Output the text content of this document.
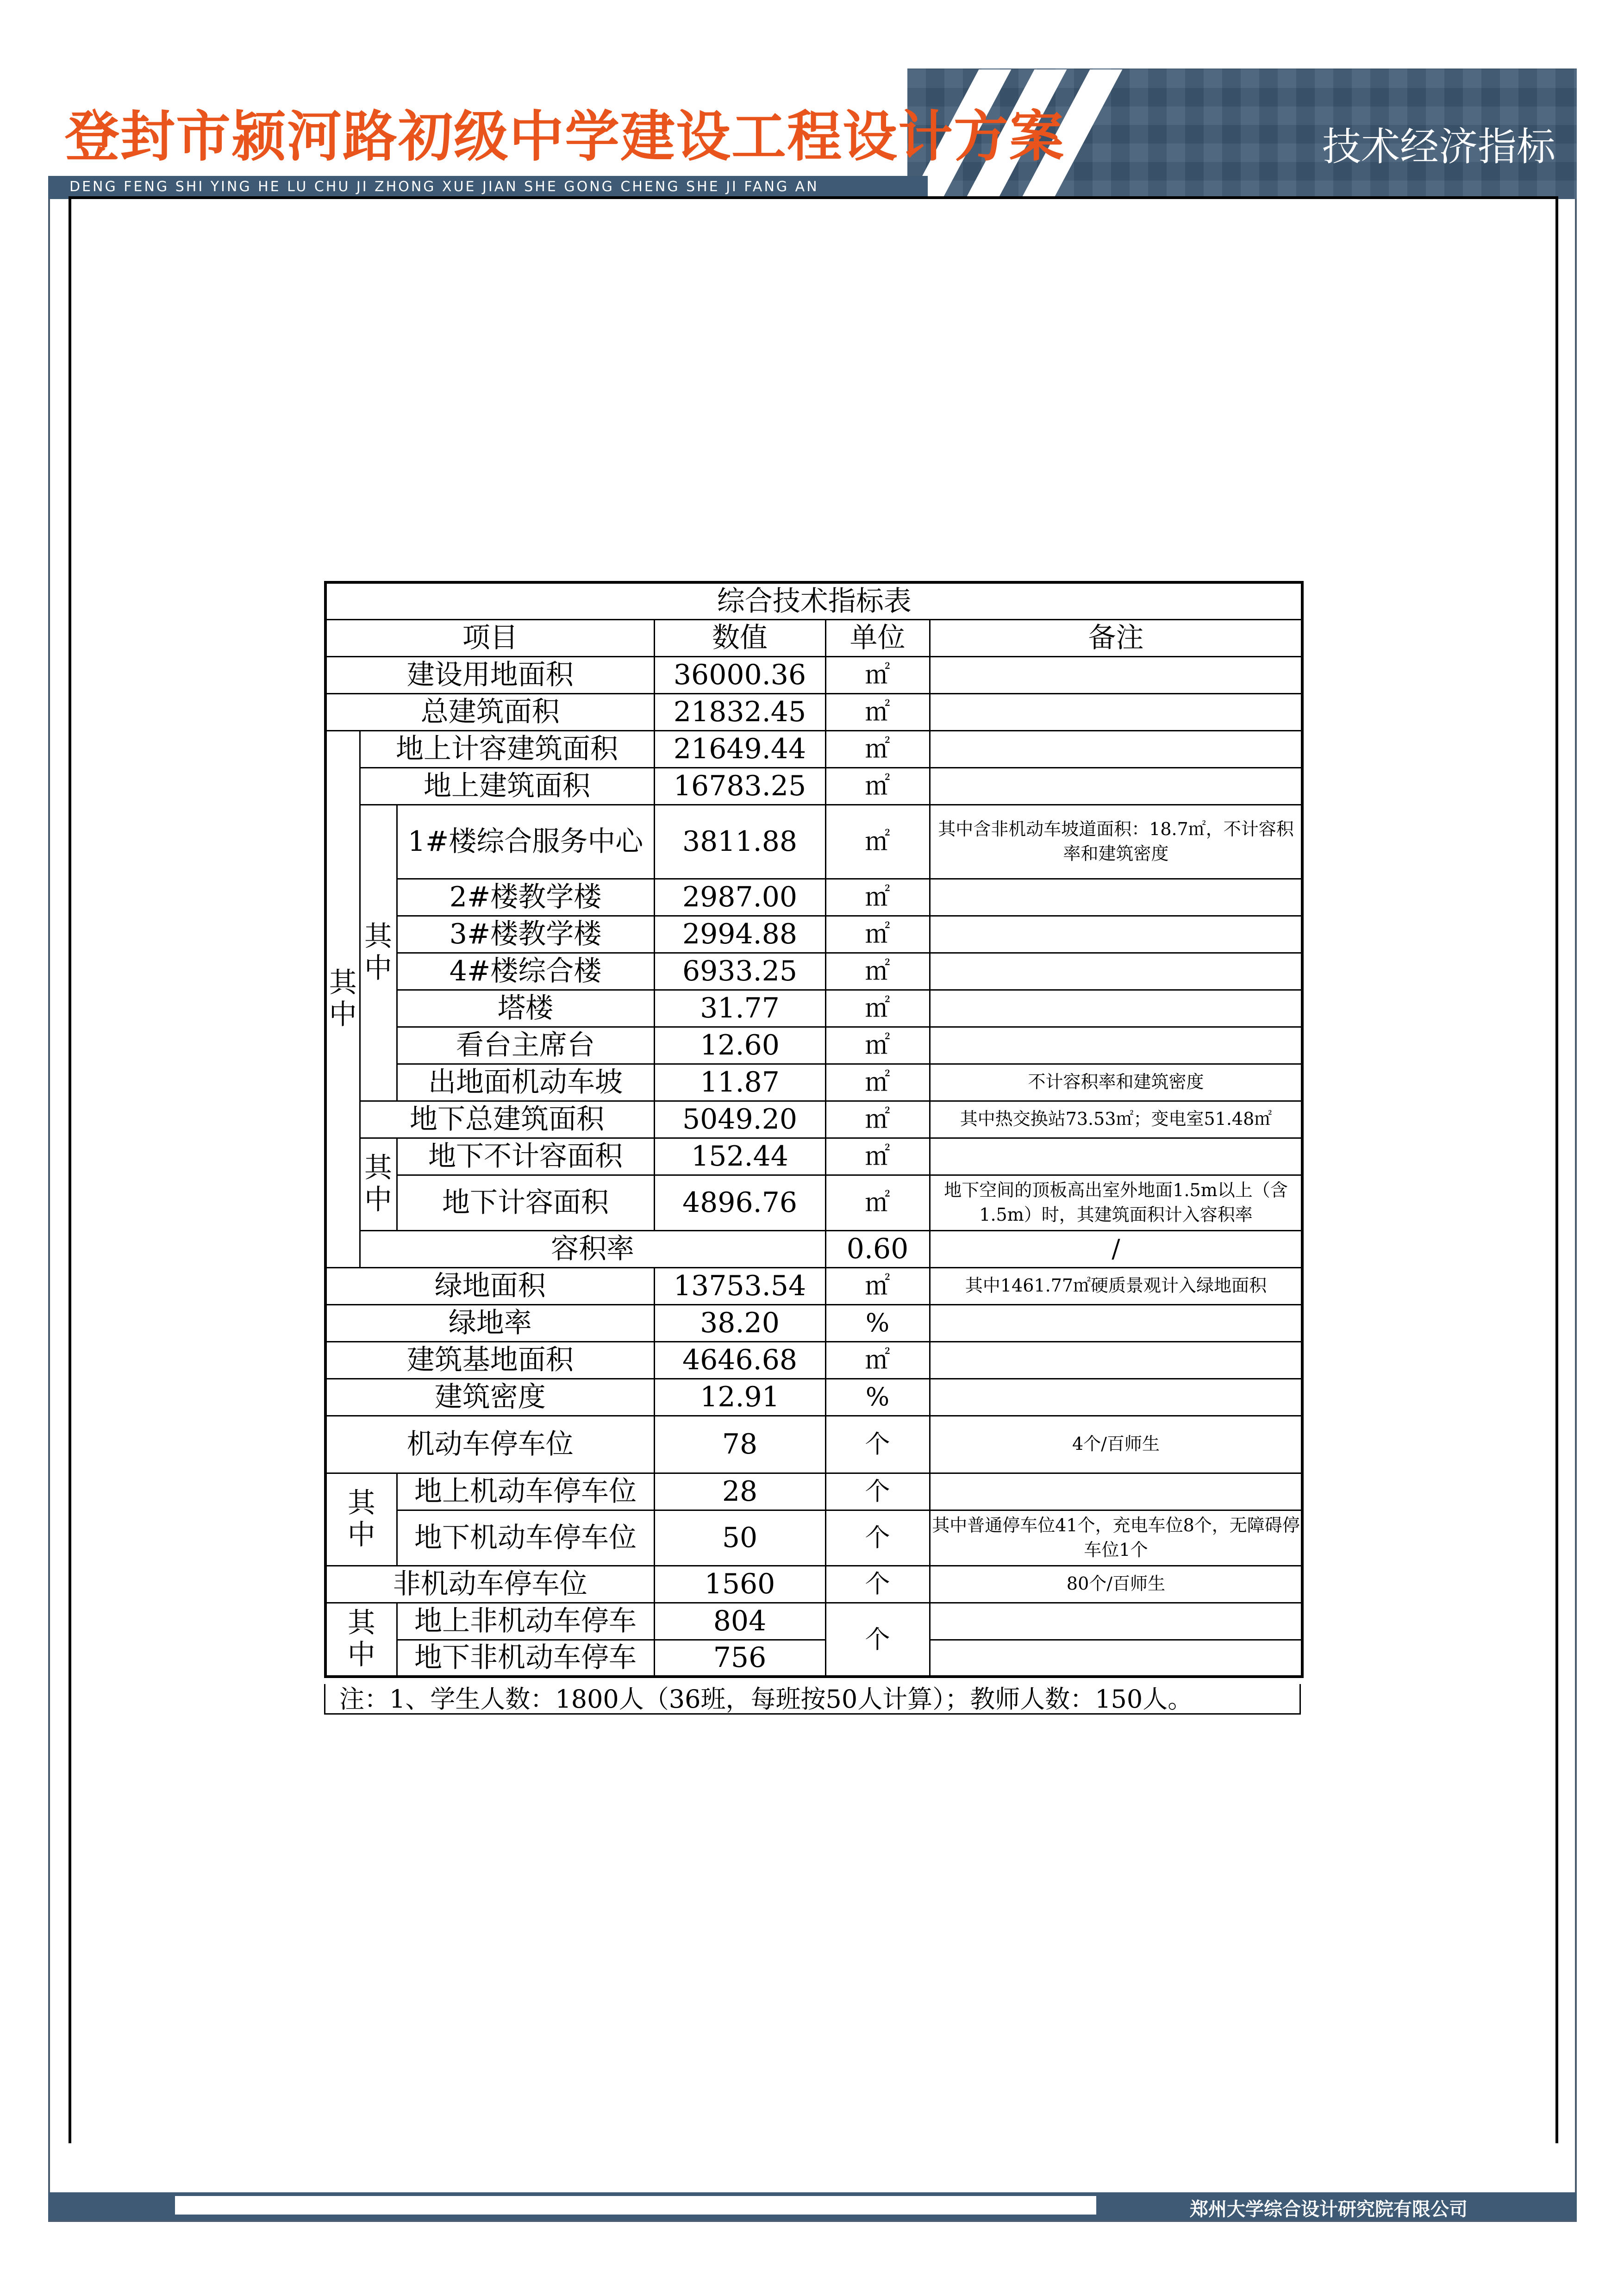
登封市颍河路初级中学建设工程设计方案
DENG FENG SHI YING HE LU CHU JI ZHONG XUE JIAN SHE GONG CHENG SHE JI FANG AN
技术经济指标
综合技术指标表						
项目			数值	单位	备注	
建设用地面积			36000.36	㎡		
总建筑面积			21832.45	㎡		

其中	地上计容建筑面积		21649.44	㎡		
	地上建筑面积		16783.25	㎡		

	其中	1#楼综合服务中心	3811.88	㎡	其中含非机动车坡道面积：18.7㎡，不计容积率和建筑密度	
		2#楼教学楼	2987.00	㎡		
		3#楼教学楼	2994.88	㎡		
		4#楼综合楼	6933.25	㎡		
		塔楼	31.77	㎡		
		看台主席台	12.60	㎡		
		出地面机动车坡	11.87	㎡	不计容积率和建筑密度	
	地下总建筑面积		5049.20	㎡	其中热交换站73.53㎡；变电室51.48㎡	

	其中	地下不计容面积	152.44	㎡		
		地下计容面积	4896.76	㎡	地下空间的顶板高出室外地面1.5m以上（含1.5m）时，其建筑面积计入容积率	
	容积率			0.60	/	
绿地面积			13753.54	㎡	其中1461.77㎡硬质景观计入绿地面积	
绿地率			38.20	%		
建筑基地面积			4646.68	㎡		
建筑密度			12.91	%		
机动车停车位			78	个	4个/百师生	

其中		地上机动车停车位	28	个		
		地下机动车停车位	50	个	其中普通停车位41个，充电车位8个，无障碍停车位1个	
非机动车停车位			1560	个	80个/百师生	

其中		地上非机动车停车	804	个		
		地下非机动车停车	756			
注：1、学生人数：1800人（36班，每班按50人计算）；教师人数：150人。
郑州大学综合设计研究院有限公司
